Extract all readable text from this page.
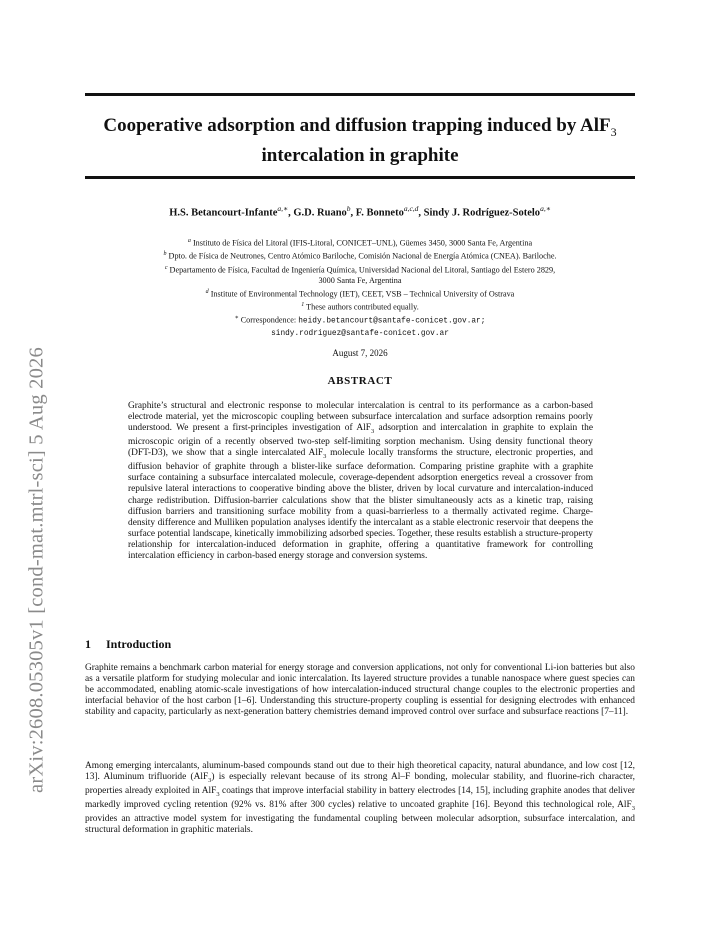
arXiv:2608.05305v1 [cond-mat.mtrl-sci] 5 Aug 2026
Cooperative adsorption and diffusion trapping induced by AlF$_3$
intercalation in graphite
H.S. Betancourt-Infante$^{a,∗}$, G.D. Ruano$^b$, F. Bonneto$^{a,c,d}$, Sindy J. Rodríguez-Sotelo$^{a,∗}$
$^a$ Instituto de Física del Litoral (IFIS-Litoral, CONICET–UNL), Güemes 3450, 3000 Santa Fe, Argentina
$^b$ Dpto. de Física de Neutrones, Centro Atómico Bariloche, Comisión Nacional de Energía Atómica (CNEA). Bariloche.
$^c$ Departamento de Física, Facultad de Ingeniería Química, Universidad Nacional del Litoral, Santiago del Estero 2829,
3000 Santa Fe, Argentina
$^d$ Institute of Environmental Technology (IET), CEET, VSB – Technical University of Ostrava
$^1$ These authors contributed equally.
∗ Correspondence: heidy.betancourt@santafe-conicet.gov.ar;
sindy.rodriguez@santafe-conicet.gov.ar
August 7, 2026
ABSTRACT
Graphite’s structural and electronic response to molecular intercalation is central to its performance as a carbon-based electrode material, yet the microscopic coupling between subsurface intercalation and surface adsorption remains poorly understood. We present a first-principles investigation of AlF$_3$ adsorption and intercalation in graphite to explain the microscopic origin of a recently observed two-step self-limiting sorption mechanism. Using density functional theory (DFT-D3), we show that a single intercalated AlF$_3$ molecule locally transforms the structure, electronic properties, and diffusion behavior of graphite through a blister-like surface deformation. Comparing pristine graphite with a graphite surface containing a subsurface intercalated molecule, coverage-dependent adsorption energetics reveal a crossover from repulsive lateral interactions to cooperative binding above the blister, driven by local curvature and intercalation-induced charge redistribution. Diffusion-barrier calculations show that the blister simultaneously acts as a kinetic trap, raising diffusion barriers and transitioning surface mobility from a quasi-barrierless to a thermally activated regime. Charge-density difference and Mulliken population analyses identify the intercalant as a stable electronic reservoir that deepens the surface potential landscape, kinetically immobilizing adsorbed species. Together, these results establish a structure-property relationship for intercalation-induced deformation in graphite, offering a quantitative framework for controlling intercalation efficiency in carbon-based energy storage and conversion systems.
1 Introduction

Graphite remains a benchmark carbon material for energy storage and conversion applications, not only for conventional Li-ion batteries but also as a versatile platform for studying molecular and ionic intercalation. Its layered structure provides a tunable nanospace where guest species can be accommodated, enabling atomic-scale investigations of how intercalation-induced structural change couples to the electronic properties and interfacial behavior of the host carbon [1–6]. Understanding this structure-property coupling is essential for designing electrodes with enhanced stability and capacity, particularly as next-generation battery chemistries demand improved control over surface and subsurface reactions [7–11].

Among emerging intercalants, aluminum-based compounds stand out due to their high theoretical capacity, natural abundance, and low cost [12, 13]. Aluminum trifluoride (AlF$_3$) is especially relevant because of its strong Al–F bonding, molecular stability, and fluorine-rich character, properties already exploited in AlF$_3$ coatings that improve interfacial stability in battery electrodes [14, 15], including graphite anodes that deliver markedly improved cycling retention (92% vs. 81% after 300 cycles) relative to uncoated graphite [16]. Beyond this technological role, AlF$_3$ provides an attractive model system for investigating the fundamental coupling between molecular adsorption, subsurface intercalation, and structural deformation in graphitic materials.
